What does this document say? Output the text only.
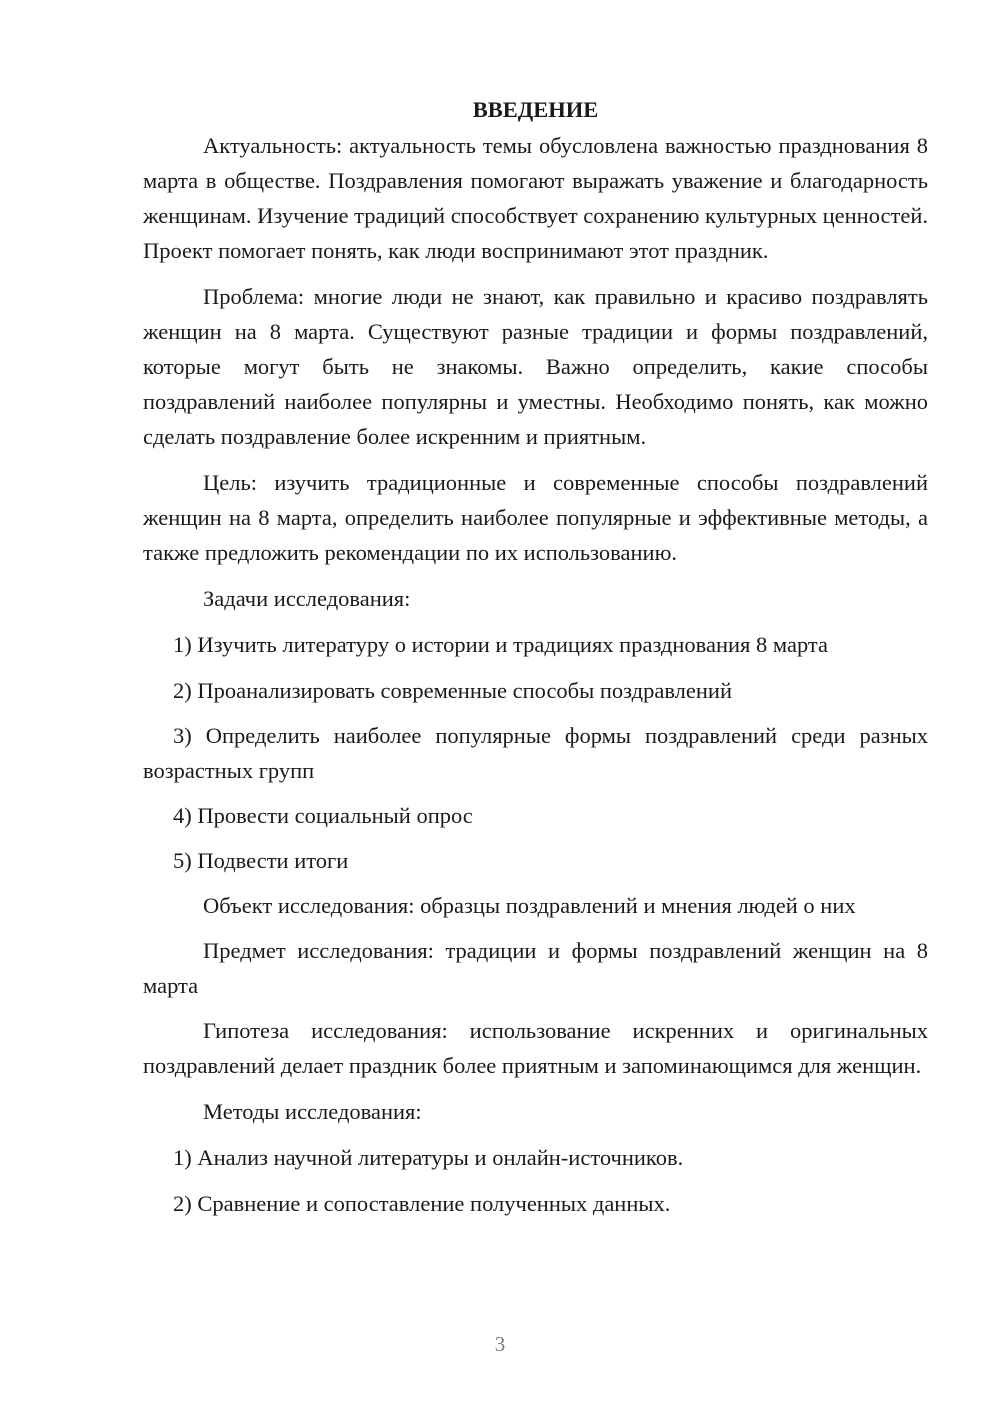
ВВЕДЕНИЕ

Актуальность: актуальность темы обусловлена важностью празднования 8 марта в обществе. Поздравления помогают выражать уважение и благодарность женщинам. Изучение традиций способствует сохранению культурных ценностей. Проект помогает понять, как люди воспринимают этот праздник.

Проблема: многие люди не знают, как правильно и красиво поздравлять женщин на 8 марта. Существуют разные традиции и формы поздравлений, которые могут быть не знакомы. Важно определить, какие способы поздравлений наиболее популярны и уместны. Необходимо понять, как можно сделать поздравление более искренним и приятным.

Цель: изучить традиционные и современные способы поздравлений женщин на 8 марта, определить наиболее популярные и эффективные методы, а также предложить рекомендации по их использованию.

Задачи исследования:

1) Изучить литературу о истории и традициях празднования 8 марта

2) Проанализировать современные способы поздравлений

3) Определить наиболее популярные формы поздравлений среди разных возрастных групп

4) Провести социальный опрос

5) Подвести итоги

Объект исследования: образцы поздравлений и мнения людей о них

Предмет исследования: традиции и формы поздравлений женщин на 8 марта

Гипотеза исследования: использование искренних и оригинальных поздравлений делает праздник более приятным и запоминающимся для женщин.

Методы исследования:

1) Анализ научной литературы и онлайн-источников.

2) Сравнение и сопоставление полученных данных.

3
